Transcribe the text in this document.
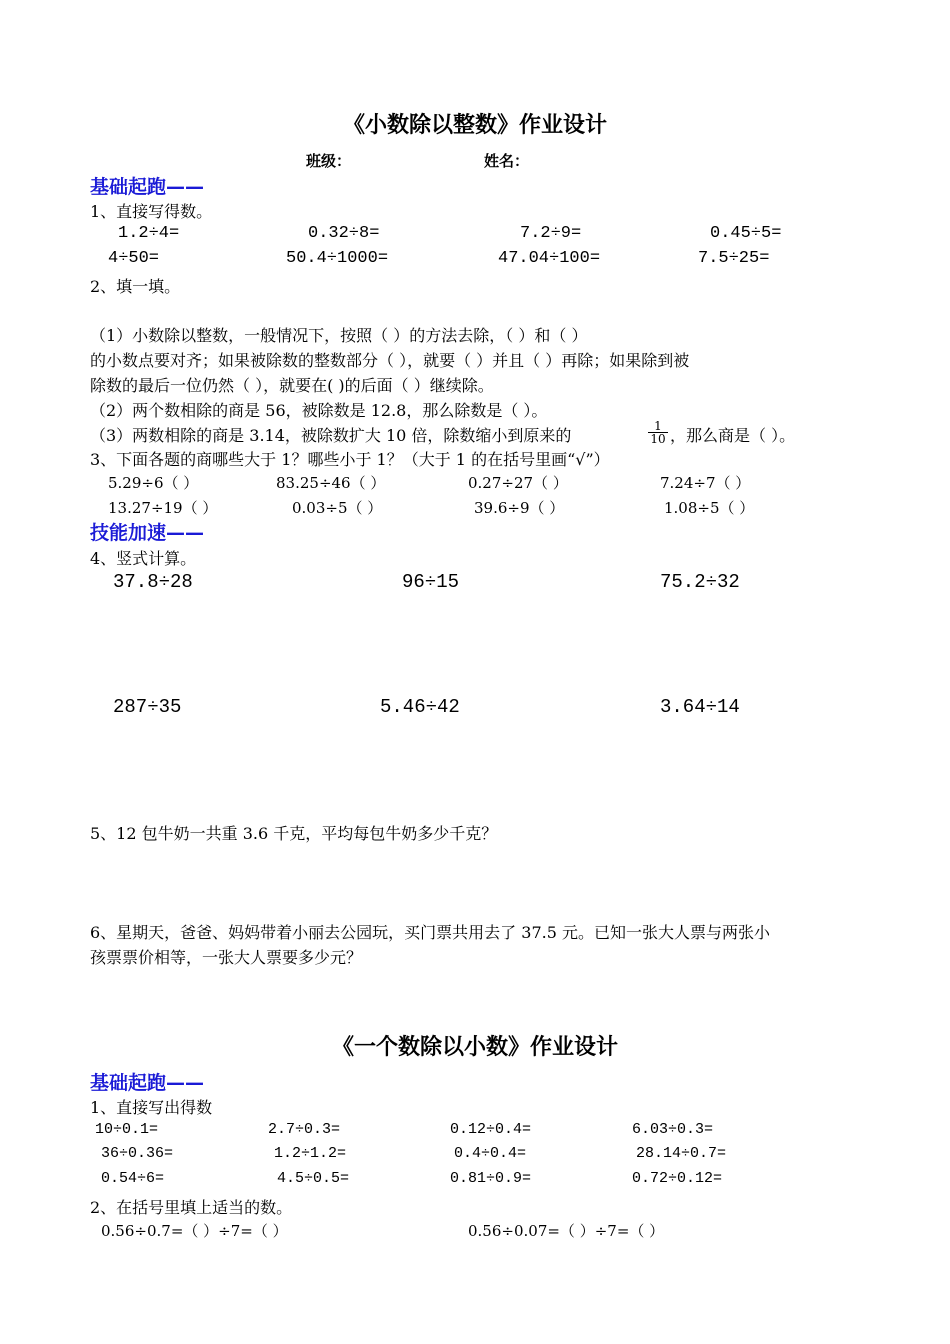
《小数除以整数》作业设计
班级：	姓名：
基础起跑——
1、直接写得数。
1.2÷4=	0.32÷8=	7.2÷9=	0.45÷5=
4÷50=	50.4÷1000=	47.04÷100=	7.5÷25=
2、填一填。
（1）小数除以整数，一般情况下，按照（ ）的方法去除，（ ）和（ ）
的小数点要对齐；如果被除数的整数部分（ ），就要（ ）并且（ ）再除；如果除到被
除数的最后一位仍然（ ），就要在( )的后面（ ）继续除。
（2）两个数相除的商是 56，被除数是 12.8，那么除数是（ ）。
（3）两数相除的商是 3.14，被除数扩大 10 倍，除数缩小到原来的	$\frac{1}{10}$ ，那么商是（ ）。
3、下面各题的商哪些大于 1？哪些小于 1？（大于 1 的在括号里画“√”）
5.29÷6（ ）	83.25÷46（ ）	0.27÷27（ ）	7.24÷7（ ）
13.27÷19（ ）	0.03÷5（ ）	39.6÷9（ ）	1.08÷5（ ）
技能加速——
4、竖式计算。
37.8÷28	96÷15	75.2÷32
287÷35	5.46÷42	3.64÷14
5、12 包牛奶一共重 3.6 千克，平均每包牛奶多少千克？
6、星期天，爸爸、妈妈带着小丽去公园玩，买门票共用去了 37.5 元。已知一张大人票与两张小
孩票票价相等，一张大人票要多少元？
《一个数除以小数》作业设计
基础起跑——
1、直接写出得数
10÷0.1=	2.7÷0.3=	0.12÷0.4=	6.03÷0.3=
36÷0.36=	1.2÷1.2=	0.4÷0.4=	28.14÷0.7=
0.54÷6=	4.5÷0.5=	0.81÷0.9=	0.72÷0.12=
2、在括号里填上适当的数。
0.56÷0.7=（ ）÷7=（ ）	0.56÷0.07=（ ）÷7=（ ）
